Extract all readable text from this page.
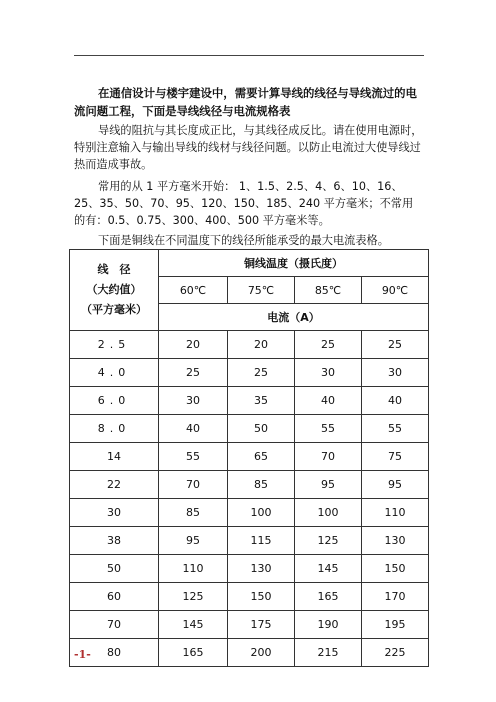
在通信设计与楼宇建设中，需要计算导线的线径与导线流过的电流问题工程，下面是导线线径与电流规格表
导线的阻抗与其长度成正比，与其线径成反比。请在使用电源时，特别注意输入与输出导线的线材与线径问题。以防止电流过大使导线过热而造成事故。
常用的从 1 平方毫米开始： 1、1.5、2.5、4、6、10、16、25、35、50、70、95、120、150、185、240 平方毫米；不常用的有：0.5、0.75、300、400、500 平方毫米等。
下面是铜线在不同温度下的线径所能承受的最大电流表格。
线　径
（大约值）
（平方毫米）	铜线温度（摄氏度）			
	60℃	75℃	85℃	90℃
	电流（A）			
2.5	20	20	25	25
4.0	25	25	30	30
6.0	30	35	40	40
8.0	40	50	55	55
14	55	65	70	75
22	70	85	95	95
30	85	100	100	110
38	95	115	125	130
50	110	130	145	150
60	125	150	165	170
70	145	175	190	195
80	165	200	215	225
-1-
